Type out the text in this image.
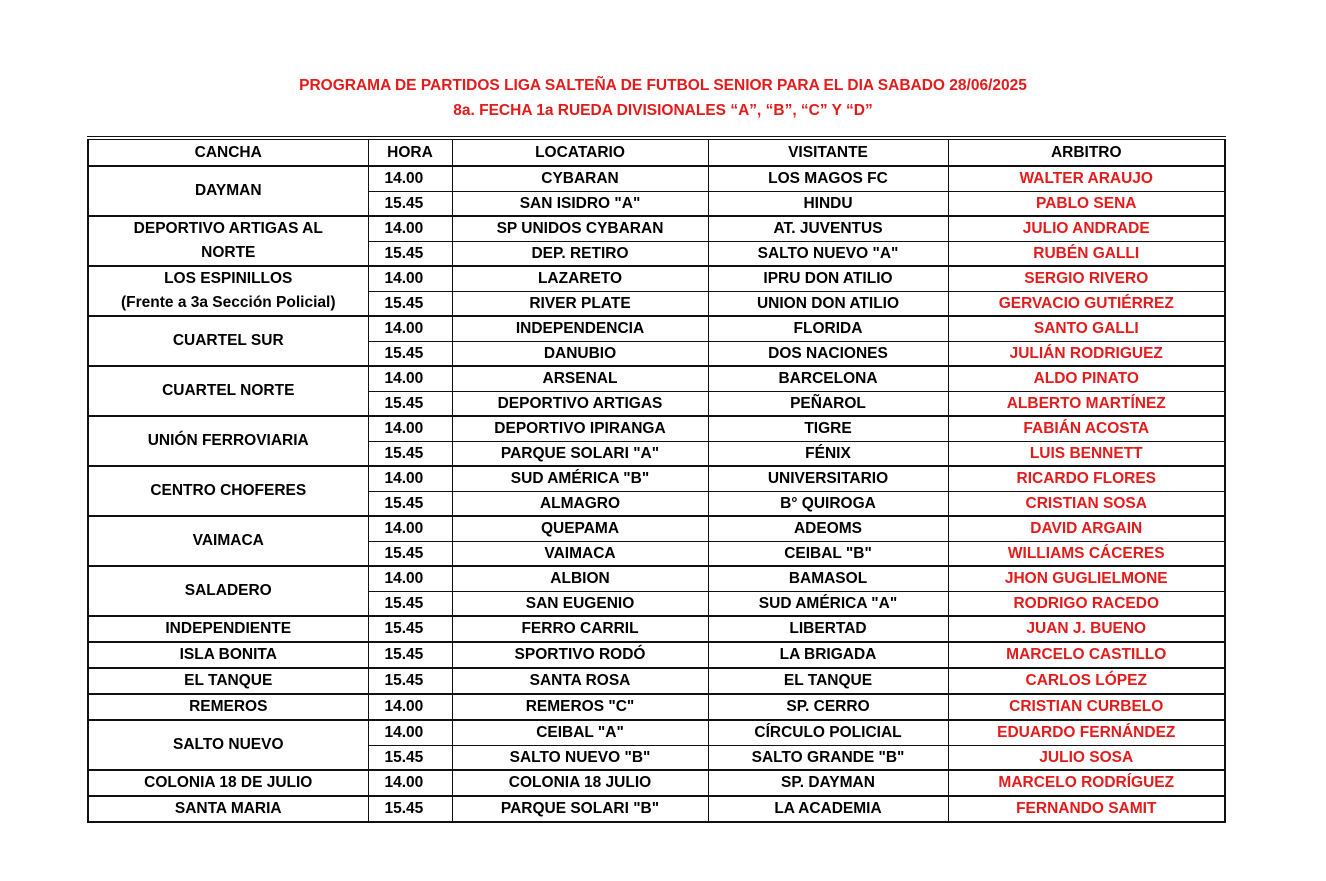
PROGRAMA DE PARTIDOS LIGA SALTEÑA DE FUTBOL SENIOR PARA EL DIA SABADO 28/06/2025
8a. FECHA 1a RUEDA DIVISIONALES “A”, “B”, “C” Y “D”
CANCHA	HORA	LOCATARIO	VISITANTE	ARBITRO

DAYMAN	14.00	CYBARAN	LOS MAGOS FC	WALTER ARAUJO
	15.45	SAN ISIDRO "A"	HINDU	PABLO SENA

DEPORTIVO ARTIGAS AL
NORTE	14.00	SP UNIDOS CYBARAN	AT. JUVENTUS	JULIO ANDRADE
	15.45	DEP. RETIRO	SALTO NUEVO "A"	RUBÉN GALLI

LOS ESPINILLOS
(Frente a 3a Sección Policial)	14.00	LAZARETO	IPRU DON ATILIO	SERGIO RIVERO
	15.45	RIVER PLATE	UNION DON ATILIO	GERVACIO GUTIÉRREZ

CUARTEL SUR	14.00	INDEPENDENCIA	FLORIDA	SANTO GALLI
	15.45	DANUBIO	DOS NACIONES	JULIÁN RODRIGUEZ

CUARTEL NORTE	14.00	ARSENAL	BARCELONA	ALDO PINATO
	15.45	DEPORTIVO ARTIGAS	PEÑAROL	ALBERTO MARTÍNEZ

UNIÓN FERROVIARIA	14.00	DEPORTIVO IPIRANGA	TIGRE	FABIÁN ACOSTA
	15.45	PARQUE SOLARI "A"	FÉNIX	LUIS BENNETT

CENTRO CHOFERES	14.00	SUD AMÉRICA "B"	UNIVERSITARIO	RICARDO FLORES
	15.45	ALMAGRO	B° QUIROGA	CRISTIAN SOSA

VAIMACA	14.00	QUEPAMA	ADEOMS	DAVID ARGAIN
	15.45	VAIMACA	CEIBAL "B"	WILLIAMS CÁCERES

SALADERO	14.00	ALBION	BAMASOL	JHON GUGLIELMONE
	15.45	SAN EUGENIO	SUD AMÉRICA "A"	RODRIGO RACEDO

INDEPENDIENTE	15.45	FERRO CARRIL	LIBERTAD	JUAN J. BUENO

ISLA BONITA	15.45	SPORTIVO RODÓ	LA BRIGADA	MARCELO CASTILLO

EL TANQUE	15.45	SANTA ROSA	EL TANQUE	CARLOS LÓPEZ

REMEROS	14.00	REMEROS "C"	SP. CERRO	CRISTIAN CURBELO

SALTO NUEVO	14.00	CEIBAL "A"	CÍRCULO POLICIAL	EDUARDO FERNÁNDEZ
	15.45	SALTO NUEVO "B"	SALTO GRANDE "B"	JULIO SOSA

COLONIA 18 DE JULIO	14.00	COLONIA 18 JULIO	SP. DAYMAN	MARCELO RODRÍGUEZ

SANTA MARIA	15.45	PARQUE SOLARI "B"	LA ACADEMIA	FERNANDO SAMIT
